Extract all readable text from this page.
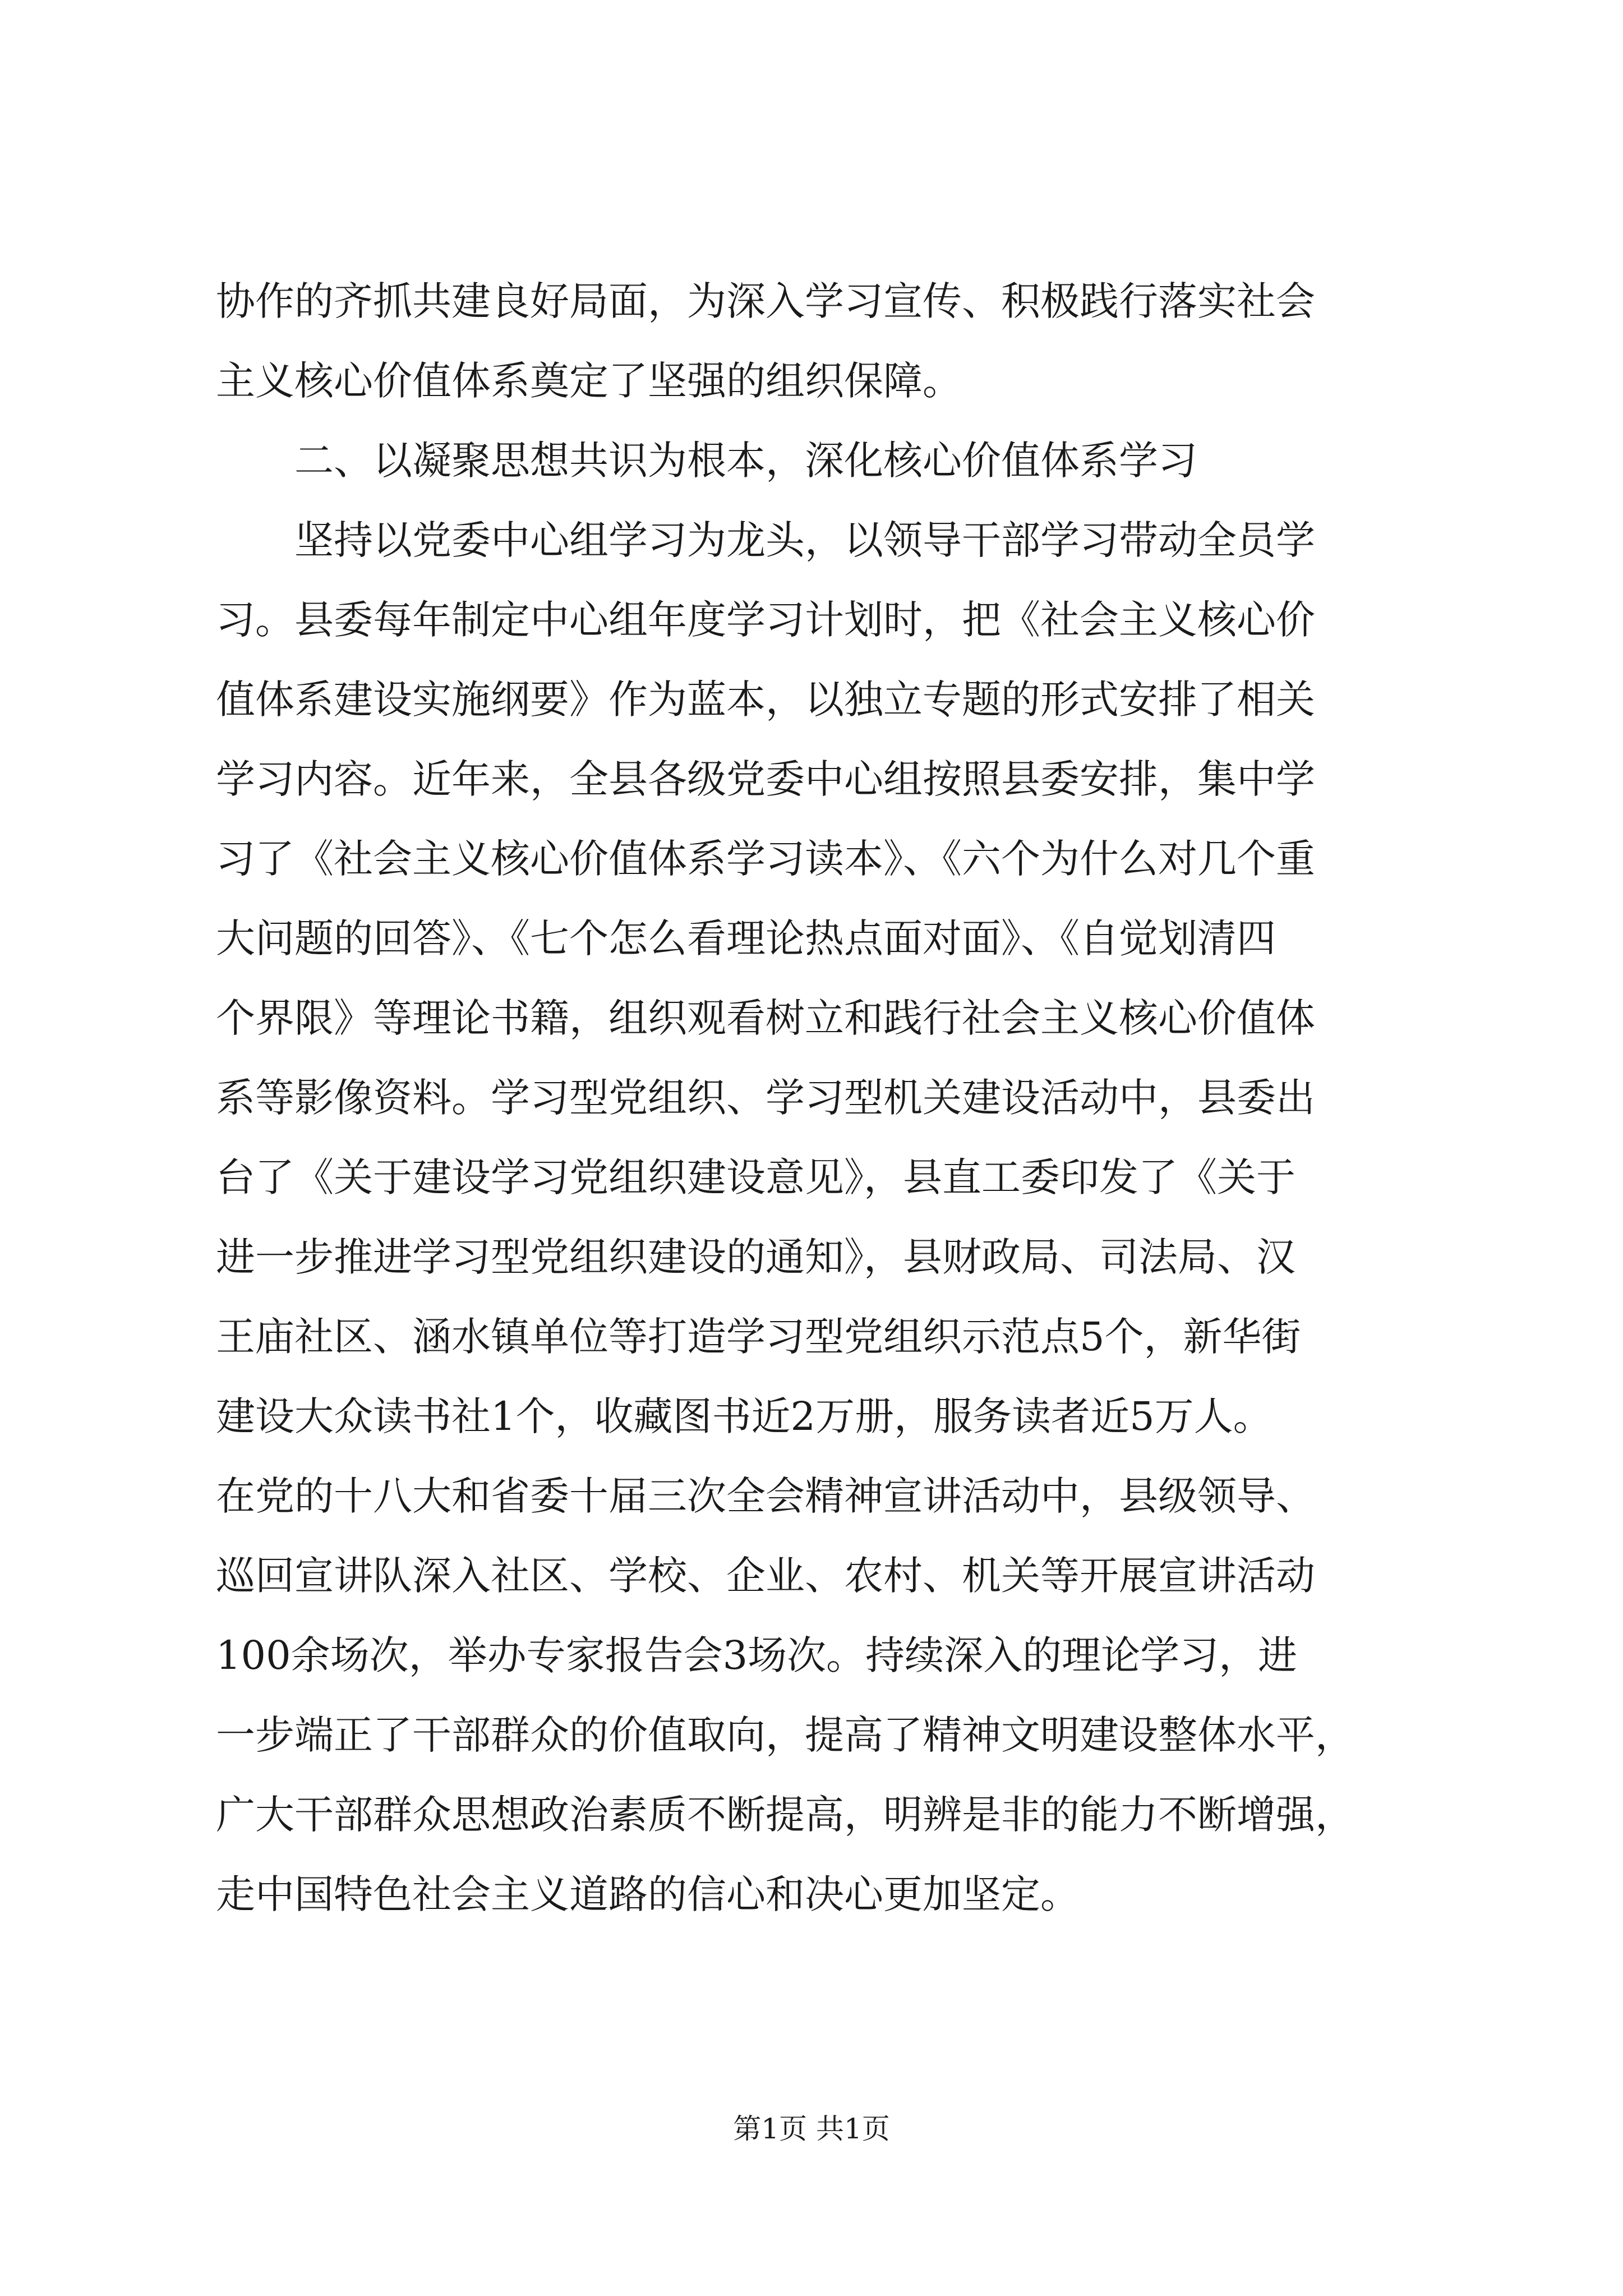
协作的齐抓共建良好局面，为深入学习宣传、积极践行落实社会
主义核心价值体系奠定了坚强的组织保障。
二、以凝聚思想共识为根本，深化核心价值体系学习
坚持以党委中心组学习为龙头，以领导干部学习带动全员学
习。县委每年制定中心组年度学习计划时，把《社会主义核心价
值体系建设实施纲要》作为蓝本，以独立专题的形式安排了相关
学习内容。近年来，全县各级党委中心组按照县委安排，集中学
习了《社会主义核心价值体系学习读本》、《六个为什么对几个重
大问题的回答》、《七个怎么看理论热点面对面》、《自觉划清四
个界限》等理论书籍，组织观看树立和践行社会主义核心价值体
系等影像资料。学习型党组织、学习型机关建设活动中，县委出
台了《关于建设学习党组织建设意见》，县直工委印发了《关于
进一步推进学习型党组织建设的通知》，县财政局、司法局、汉
王庙社区、涵水镇单位等打造学习型党组织示范点5个，新华街
建设大众读书社1个，收藏图书近2万册，服务读者近5万人。
在党的十八大和省委十届三次全会精神宣讲活动中，县级领导、
巡回宣讲队深入社区、学校、企业、农村、机关等开展宣讲活动
100余场次，举办专家报告会3场次。持续深入的理论学习，进
一步端正了干部群众的价值取向，提高了精神文明建设整体水平，
广大干部群众思想政治素质不断提高，明辨是非的能力不断增强，
走中国特色社会主义道路的信心和决心更加坚定。
第1页 共1页
